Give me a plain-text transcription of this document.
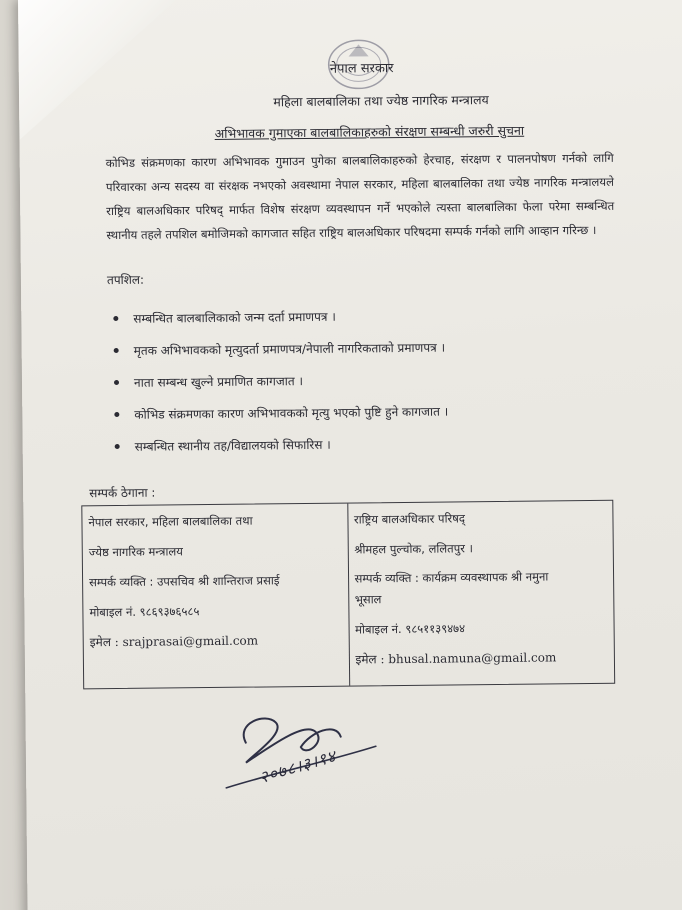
नेपाल सरकार
महिला बालबालिका तथा ज्येष्ठ नागरिक मन्त्रालय
अभिभावक गुमाएका बालबालिकाहरुको संरक्षण सम्बन्धी जरुरी सुचना
कोभिड संक्रमणका कारण अभिभावक गुमाउन पुगेका बालबालिकाहरुको हेरचाह, संरक्षण र पालनपोषण गर्नको लागि परिवारका अन्य सदस्य वा संरक्षक नभएको अवस्थामा नेपाल सरकार, महिला बालबालिका तथा ज्येष्ठ नागरिक मन्त्रालयले राष्ट्रिय बालअधिकार परिषद् मार्फत विशेष संरक्षण व्यवस्थापन गर्ने भएकोले त्यस्ता बालबालिका फेला परेमा सम्बन्धित स्थानीय तहले तपशिल बमोजिमको कागजात सहित राष्ट्रिय बालअधिकार परिषदमा सम्पर्क गर्नको लागि आव्हान गरिन्छ ।
तपशिल:
सम्बन्धित बालबालिकाको जन्म दर्ता प्रमाणपत्र ।
मृतक अभिभावकको मृत्युदर्ता प्रमाणपत्र/नेपाली नागरिकताको प्रमाणपत्र ।
नाता सम्बन्ध खुल्ने प्रमाणित कागजात ।
कोभिड संक्रमणका कारण अभिभावकको मृत्यु भएको पुष्टि हुने कागजात ।
सम्बन्धित स्थानीय तह/विद्यालयको सिफारिस ।
सम्पर्क ठेगाना :
नेपाल सरकार, महिला बालबालिका तथा
ज्येष्ठ नागरिक मन्त्रालय
सम्पर्क व्यक्ति : उपसचिव श्री शान्तिराज प्रसाई
मोबाइल नं. ९८६९३७६५८५
इमेल : srajprasai@gmail.com
राष्ट्रिय बालअधिकार परिषद्
श्रीमहल पुल्चोक, ललितपुर ।
सम्पर्क व्यक्ति : कार्यक्रम व्यवस्थापक श्री नमुना
भूसाल
मोबाइल नं. ९८५११३९४७४
इमेल : bhusal.namuna@gmail.com
२०७८।३।१४
